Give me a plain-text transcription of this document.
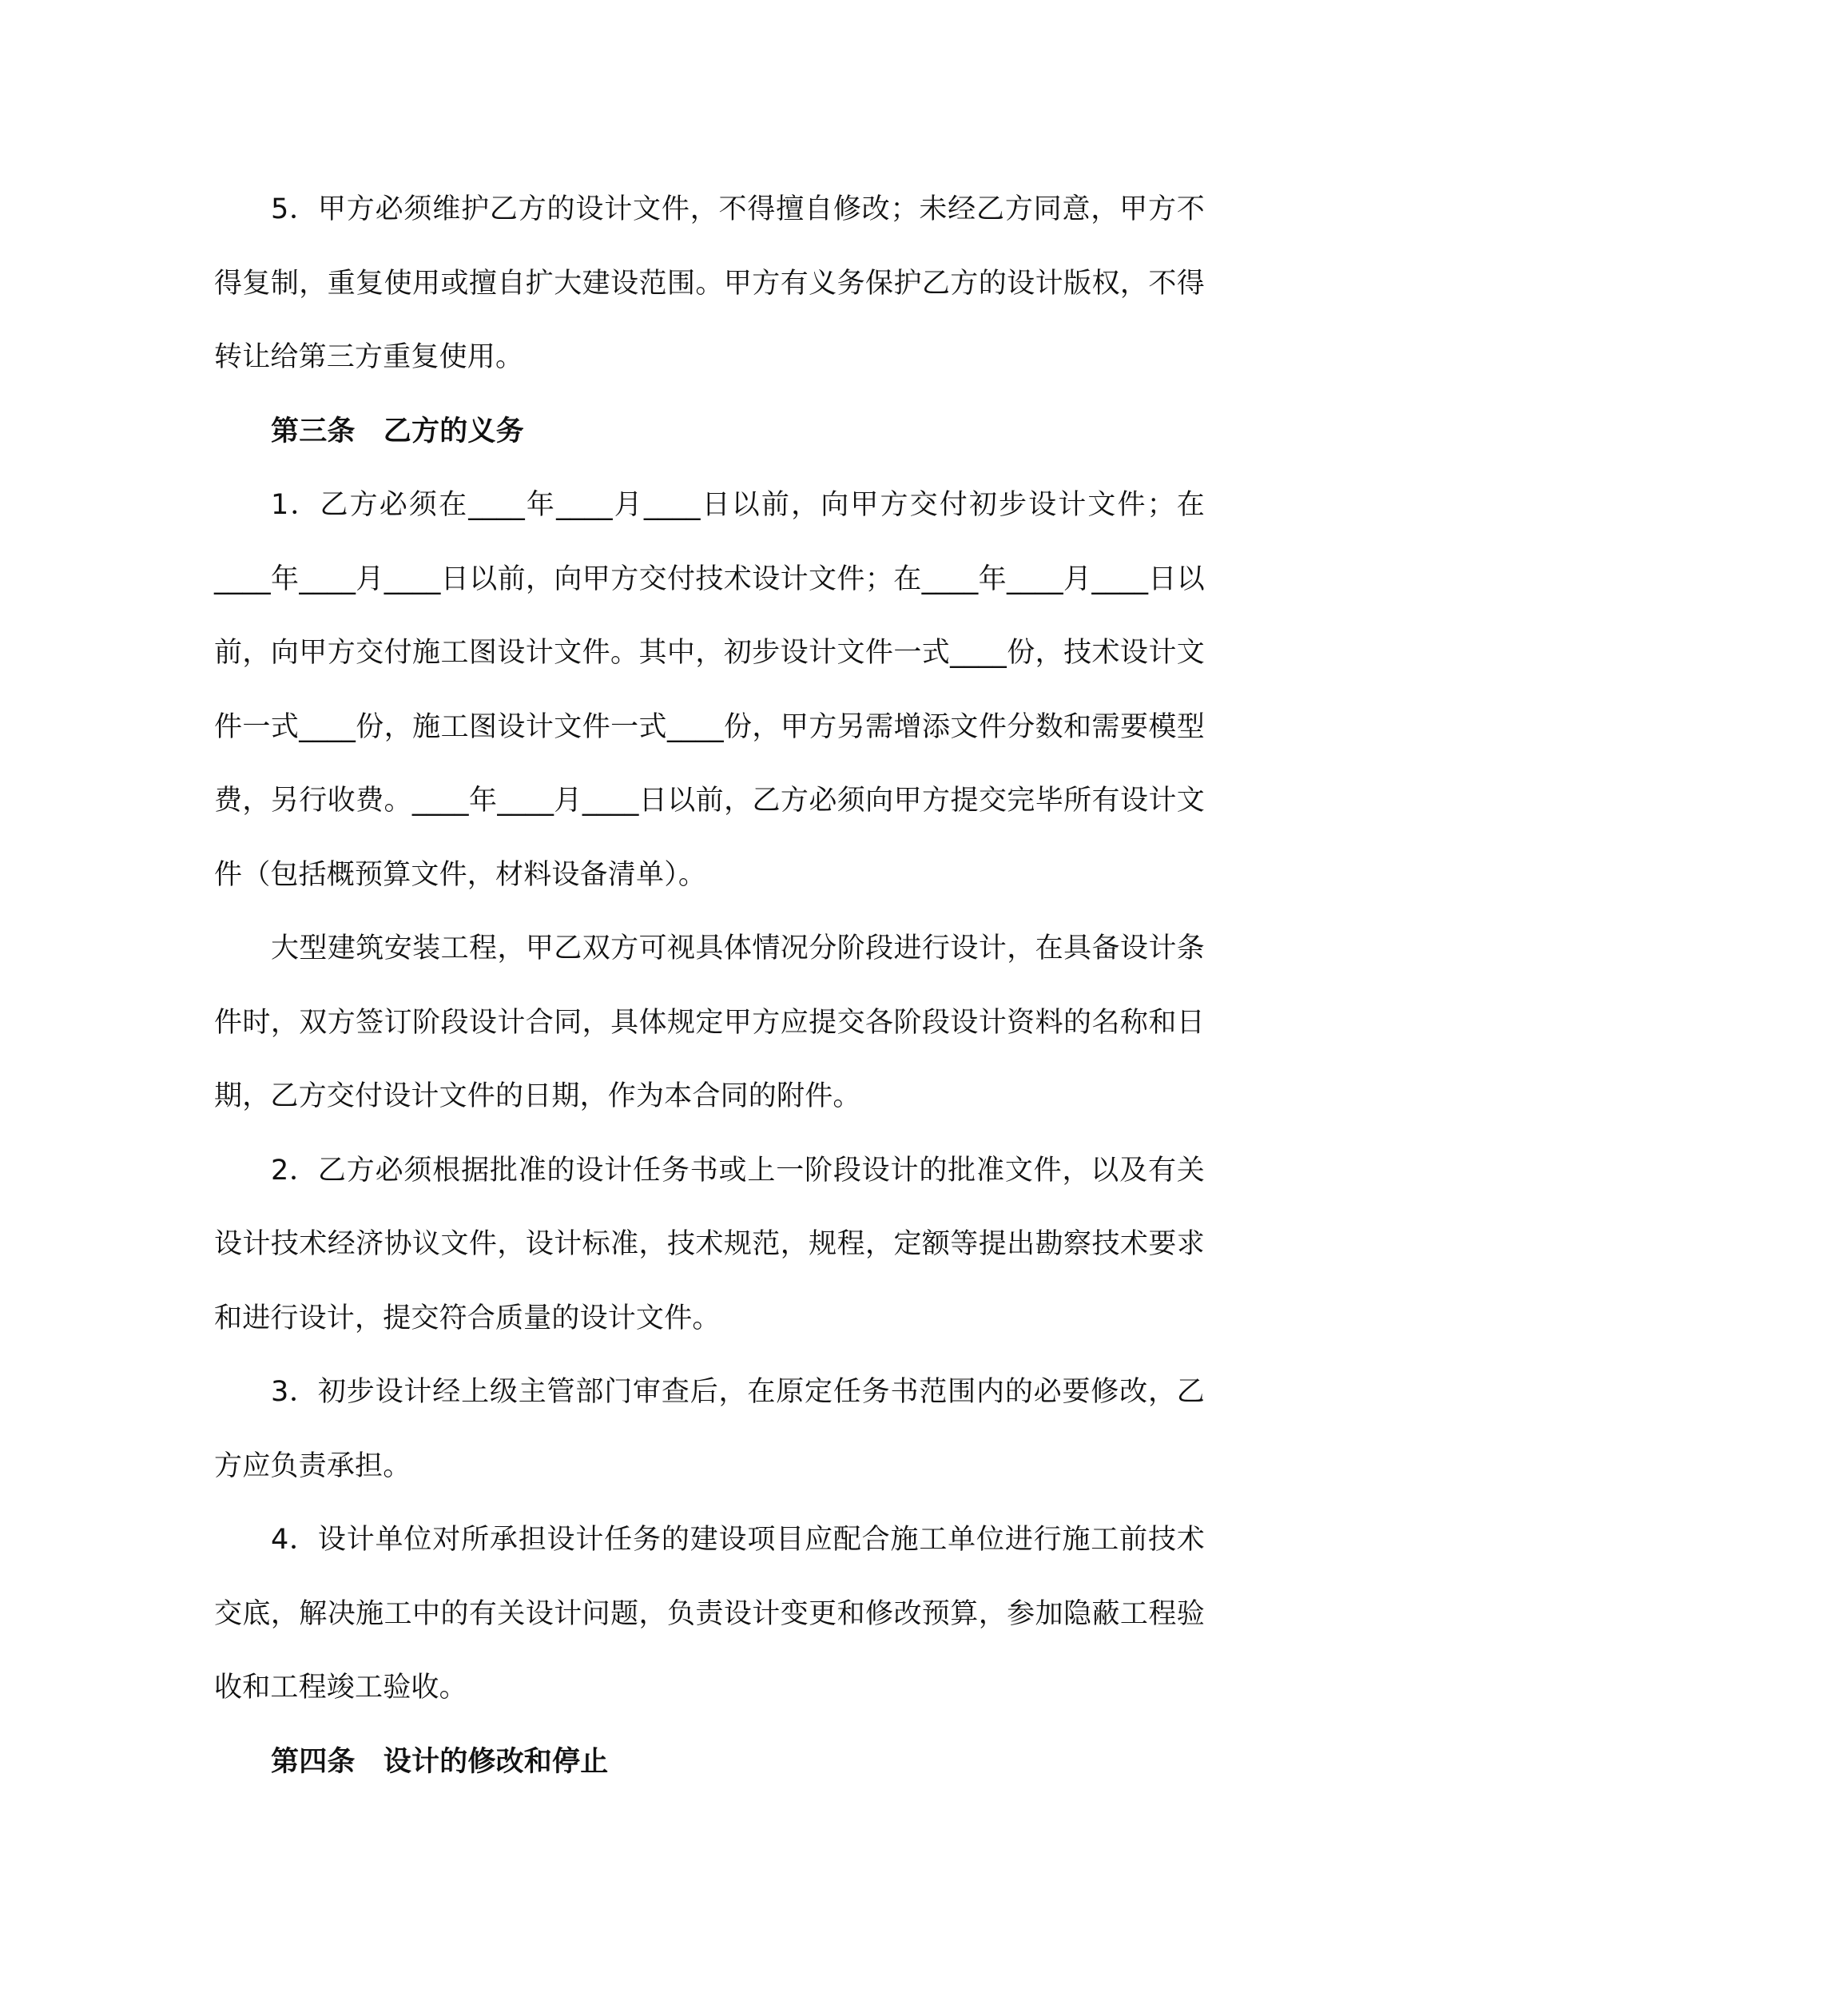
5．甲方必须维护乙方的设计文件，不得擅自修改；未经乙方同意，甲方不
得复制，重复使用或擅自扩大建设范围。甲方有义务保护乙方的设计版权，不得
转让给第三方重复使用。
第三条　乙方的义务
1．乙方必须在____年____月____日以前，向甲方交付初步设计文件；在
____年____月____日以前，向甲方交付技术设计文件；在____年____月____日以
前，向甲方交付施工图设计文件。其中，初步设计文件一式____份，技术设计文
件一式____份，施工图设计文件一式____份，甲方另需增添文件分数和需要模型
费，另行收费。____年____月____日以前，乙方必须向甲方提交完毕所有设计文
件（包括概预算文件，材料设备清单）。
大型建筑安装工程，甲乙双方可视具体情况分阶段进行设计，在具备设计条
件时，双方签订阶段设计合同，具体规定甲方应提交各阶段设计资料的名称和日
期，乙方交付设计文件的日期，作为本合同的附件。
2．乙方必须根据批准的设计任务书或上一阶段设计的批准文件，以及有关
设计技术经济协议文件，设计标准，技术规范，规程，定额等提出勘察技术要求
和进行设计，提交符合质量的设计文件。
3．初步设计经上级主管部门审查后，在原定任务书范围内的必要修改，乙
方应负责承担。
4．设计单位对所承担设计任务的建设项目应配合施工单位进行施工前技术
交底，解决施工中的有关设计问题，负责设计变更和修改预算，参加隐蔽工程验
收和工程竣工验收。
第四条　设计的修改和停止
